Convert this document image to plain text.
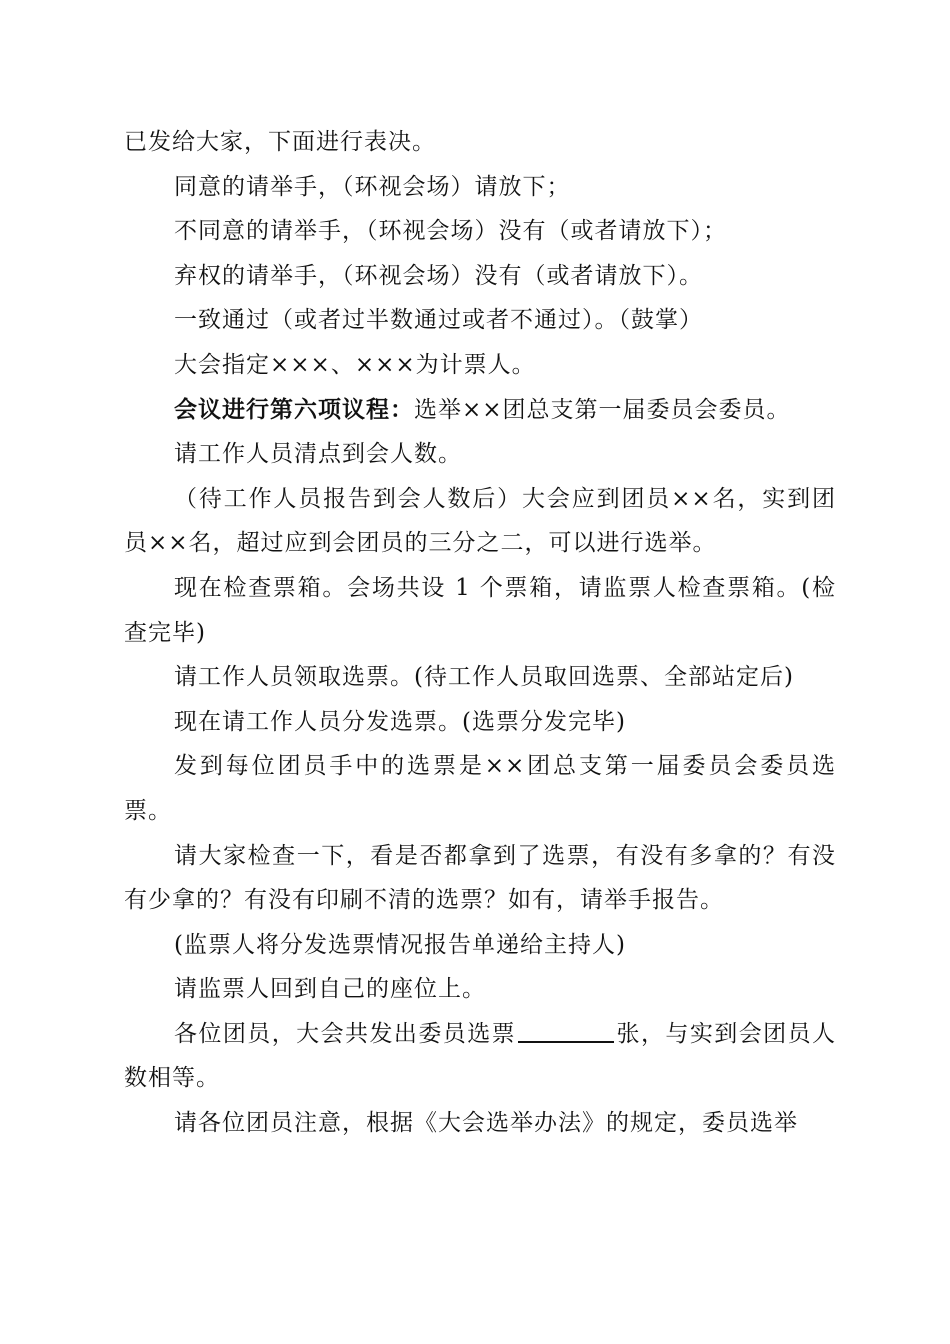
已发给大家，下面进行表决。

同意的请举手，（环视会场）请放下；

不同意的请举手，（环视会场）没有（或者请放下）；

弃权的请举手，（环视会场）没有（或者请放下）。

一致通过（或者过半数通过或者不通过）。（鼓掌）

大会指定×××、×××为计票人。

会议进行第六项议程：选举××团总支第一届委员会委员。

请工作人员清点到会人数。

（待工作人员报告到会人数后）大会应到团员××名，实到团员××名，超过应到会团员的三分之二，可以进行选举。

现在检查票箱。会场共设 1 个票箱，请监票人检查票箱。(检查完毕)

请工作人员领取选票。(待工作人员取回选票、全部站定后)

现在请工作人员分发选票。(选票分发完毕)

发到每位团员手中的选票是××团总支第一届委员会委员选票。

请大家检查一下，看是否都拿到了选票，有没有多拿的？有没有少拿的？有没有印刷不清的选票？如有，请举手报告。

(监票人将分发选票情况报告单递给主持人)

请监票人回到自己的座位上。

各位团员，大会共发出委员选票	张，与实到会团员人数相等。

请各位团员注意，根据《大会选举办法》的规定，委员选举
